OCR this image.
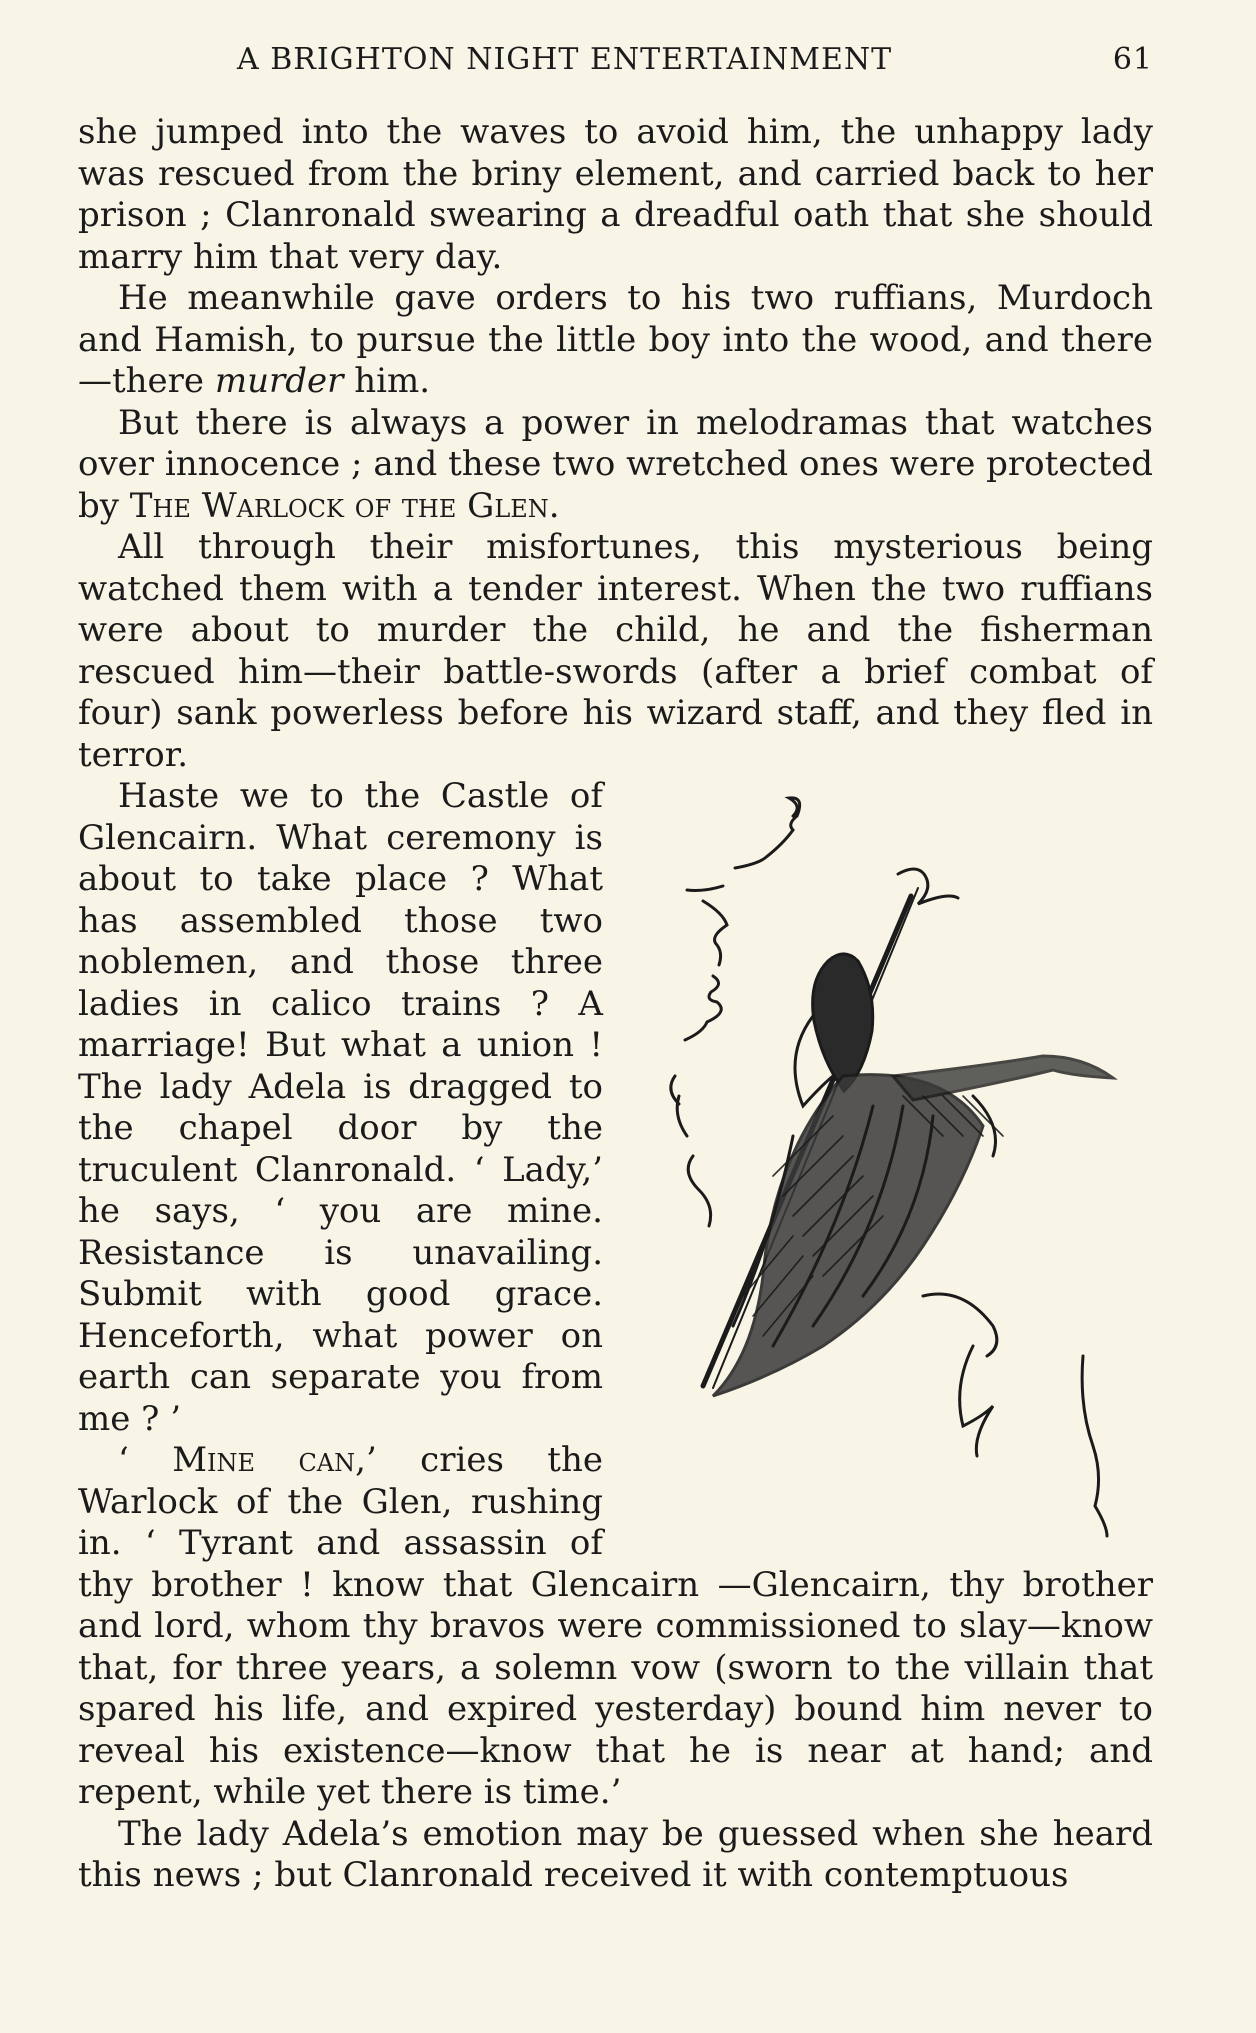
A BRIGHTON NIGHT ENTERTAINMENT	61

she jumped into the waves to avoid him, the unhappy lady was rescued from the briny element, and carried back to her prison ; Clanronald swearing a dreadful oath that she should marry him that very day.

He meanwhile gave orders to his two ruffians, Murdoch and Hamish, to pursue the little boy into the wood, and there—there murder him.

But there is always a power in melodramas that watches over innocence ; and these two wretched ones were protected by The Warlock of the Glen.

All through their misfortunes, this mysterious being watched them with a tender interest. When the two ruffians were about to murder the child, he and the fisherman rescued him—their battle-swords (after a brief combat of four) sank powerless before his wizard staff, and they fled in terror.

Haste we to the Castle of Glencairn. What ceremony is about to take place ? What has assembled those two noblemen, and those three ladies in calico trains ? A marriage! But what a union ! The lady Adela is dragged to the chapel door by the truculent Clanronald. ‘ Lady,’ he says, ‘ you are mine. Resistance is unavailing. Submit with good grace. Henceforth, what power on earth can separate you from me ? ’

‘ Mine can,’ cries the Warlock of the Glen, rushing in. ‘ Tyrant and assassin of thy brother ! know that Glencairn —Glencairn, thy brother and lord, whom thy bravos were commissioned to slay—know that, for three years, a solemn vow (sworn to the villain that spared his life, and expired yesterday) bound him never to reveal his existence—know that he is near at hand; and repent, while yet there is time.’

The lady Adela’s emotion may be guessed when she heard this news ; but Clanronald received it with contemptuous
